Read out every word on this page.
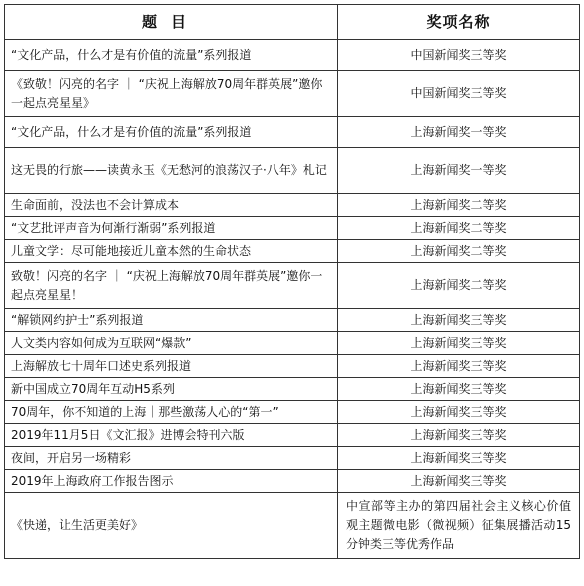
题目	奖项名称
“文化产品，什么才是有价值的流量”系列报道	中国新闻奖三等奖
《致敬！闪亮的名字 ｜ “庆祝上海解放70周年群英展”邀你一起点亮星星》	中国新闻奖三等奖
“文化产品，什么才是有价值的流量”系列报道	上海新闻奖一等奖
这无畏的行旅——读黄永玉《无愁河的浪荡汉子·八年》札记	上海新闻奖一等奖
生命面前，没法也不会计算成本	上海新闻奖二等奖
“文艺批评声音为何渐行渐弱”系列报道	上海新闻奖二等奖
儿童文学：尽可能地接近儿童本然的生命状态	上海新闻奖二等奖
致敬！闪亮的名字 ｜ “庆祝上海解放70周年群英展”邀你一起点亮星星！	上海新闻奖二等奖
“解锁网约护士”系列报道	上海新闻奖三等奖
人文类内容如何成为互联网“爆款”	上海新闻奖三等奖
上海解放七十周年口述史系列报道	上海新闻奖三等奖
新中国成立70周年互动H5系列	上海新闻奖三等奖
70周年，你不知道的上海｜那些激荡人心的“第一”	上海新闻奖三等奖
2019年11月5日《文汇报》进博会特刊六版	上海新闻奖三等奖
夜间，开启另一场精彩	上海新闻奖三等奖
2019年上海政府工作报告图示	上海新闻奖三等奖
《快递，让生活更美好》	中宣部等主办的第四届社会主义核心价值观主题微电影（微视频）征集展播活动15分钟类三等优秀作品
